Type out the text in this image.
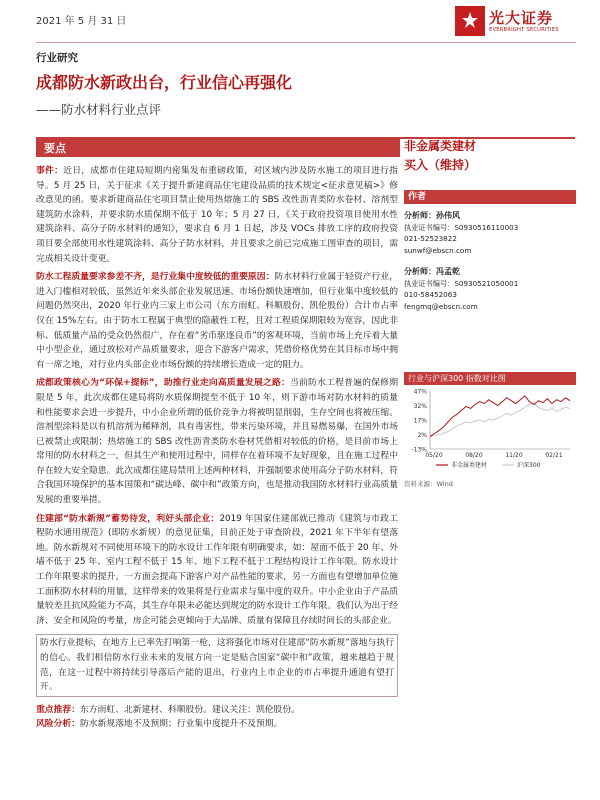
2021 年 5 月 31 日	光大证券
EVERBRIGHT SECURITIES
行业研究
成都防水新政出台，行业信心再强化
——防水材料行业点评
要点

事件：近日，成都市住建局短期内密集发布重磅政策，对区域内涉及防水施工的项目进行指导。5 月 25 日，关于征求《关于提升新建商品住宅建设品质的技术规定<征求意见稿>》修改意见的函。要求新建商品住宅项目禁止使用热熔施工的 SBS 改性沥青类防水卷材、溶剂型建筑防水涂料，并要求防水质保期不低于 10 年；5 月 27 日，《关于政府投资项目使用水性建筑涂料、高分子防水材料的通知》，要求自 6 月 1 日起，涉及 VOCs 排放工序的政府投资项目要全部使用水性建筑涂料、高分子防水材料，并且要求之前已完成施工图审查的项目，需完成相关设计变更。

防水工程质量要求参差不齐，是行业集中度较低的重要原因：防水材料行业属于轻资产行业，进入门槛相对较低，虽然近年来头部企业发展迅速、市场份额快速增加，但行业集中度较低的问题仍然突出，2020 年行业内三家上市公司（东方雨虹、科顺股份、凯伦股份）合计市占率仅在 15%左右。由于防水工程属于典型的隐蔽性工程，且对工程质保期限较为宽容，因此非标、低质量产品的受众仍然很广，存在着“劣币驱逐良币”的客观环境，当前市场上充斥着大量中小型企业，通过放松对产品质量要求，迎合下游客户需求，凭借价格优势在其目标市场中拥有一席之地，对行业内头部企业市场份额的持续增长造成一定的阻力。

成都政策核心为“环保+提标”，助推行业走向高质量发展之路：当前防水工程普遍的保修期限是 5 年，此次成都住建局将防水质保期提至不低于 10 年，则下游市场对防水材料的质量和性能要求会进一步提升，中小企业所谓的低价竞争力将被明显削弱，生存空间也将被压缩。溶剂型涂料是以有机溶剂为稀释剂，具有毒害性，带来污染环境，并且易燃易爆，在国外市场已被禁止或限制；热熔施工的 SBS 改性沥青类防水卷材凭借相对较低的价格，是目前市场上常用的防水材料之一，但其生产和使用过程中，同样存在着环境不友好现象，且在施工过程中存在较大安全隐患。此次成都住建局禁用上述两种材料，并强制要求使用高分子防水材料，符合我国环境保护的基本国策和“碳达峰、碳中和”政策方向，也是推动我国防水材料行业高质量发展的重要举措。

住建部“防水新规”蓄势待发，利好头部企业：2019 年国家住建部就已推动《建筑与市政工程防水通用规范》(即防水新规）的意见征集，目前正处于审查阶段，2021 年下半年有望落地。防水新规对不同使用环境下的防水设计工作年限有明确要求，如：屋面不低于 20 年、外墙不低于 25 年、室内工程不低于 15 年、地下工程不低于工程结构设计工作年限。防水设计工作年限要求的提升，一方面会提高下游客户对产品性能的要求，另一方面也有望增加单位施工面积防水材料的用量，这样带来的效果将是行业需求与集中度的双升。中小企业由于产品质量较差且抗风险能力不高，其生存年限未必能达到规定的防水设计工作年限。我们认为出于经济、安全和风险的考量，房企可能会更倾向于大品牌、质量有保障且存续时间长的头部企业。

防水行业提标，在地方上已率先打响第一枪，这将强化市场对住建部“防水新规”落地与执行的信心。我们相信防水行业未来的发展方向一定是贴合国家“碳中和”政策，越来越趋于规范，在这一过程中将持续引导落后产能的退出，行业内上市企业的市占率提升通道有望打开。

重点推荐：东方雨虹、北新建材、科顺股份。建议关注：凯伦股份。

风险分析：防水新规落地不及预期；行业集中度提升不及预期。

非金属类建材
买入（维持）
作者
分析师：孙伟风
执业证书编号：S0930516110003
021-52523822
sunwf@ebscn.com
分析师：冯孟乾
执业证书编号：S0930521050001
010-58452063
fengmq@ebscn.com
行业与沪深300 指数对比图
47%
32%
17%
2%
-13%
05/20	08/20	11/20	02/21
非金属类建材	沪深300
资料来源：Wind
